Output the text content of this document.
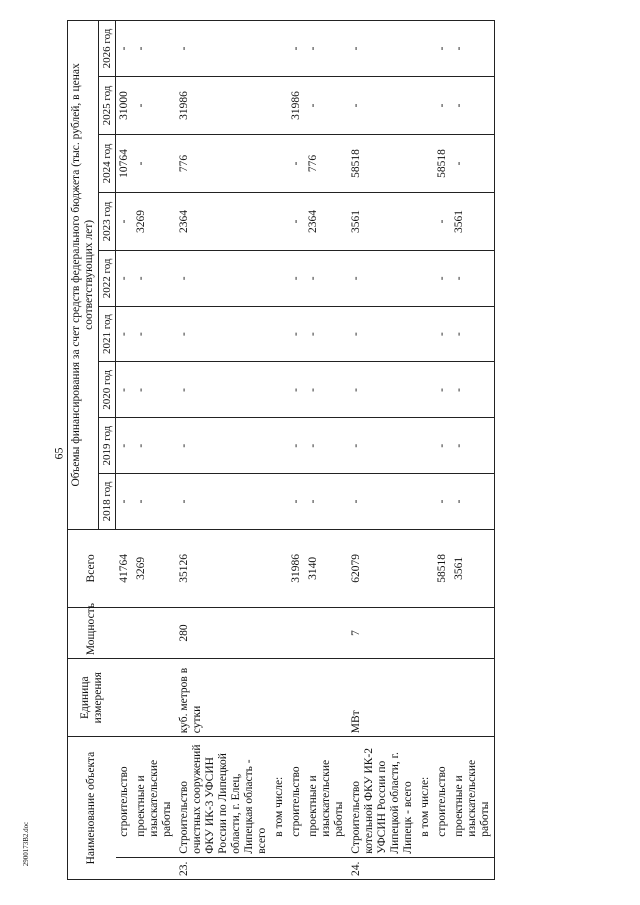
65
2900173B2.doc	Наименование объекта		Единица измерения	Мощность	Всего	Объемы финансирования за счет средств федерального бюджета (тыс. рублей, в ценах соответствующих лет)								
					2018 год	2019 год	2020 год	2021 год	2022 год	2023 год	2024 год	2025 год	2026 год
	строительство			41764	-	-	-	-	-	-	10764	31000	-
	проектные и изыскательские работы			3269	-	-	-	-	-	3269	-	-	-
23.	Строительство очистных сооружений ФКУ ИК-3 УФСИН России по Липецкой области, г. Елец, Липецкая область - всего	куб. метров в сутки	280	35126	-	-	-	-	-	2364	776	31986	-
	в том числе:												
	строительство			31986	-	-	-	-	-	-	-	31986	-
	проектные и изыскательские работы			3140	-	-	-	-	-	2364	776	-	-
24.	Строительство котельной ФКУ ИК-2 УФСИН России по Липецкой области, г. Липецк - всего	МВт	7	62079	-	-	-	-	-	3561	58518	-	-
	в том числе:												
	строительство			58518	-	-	-	-	-	-	58518	-	-
	проектные и изыскательские работы			3561	-	-	-	-	-	3561	-	-	-
